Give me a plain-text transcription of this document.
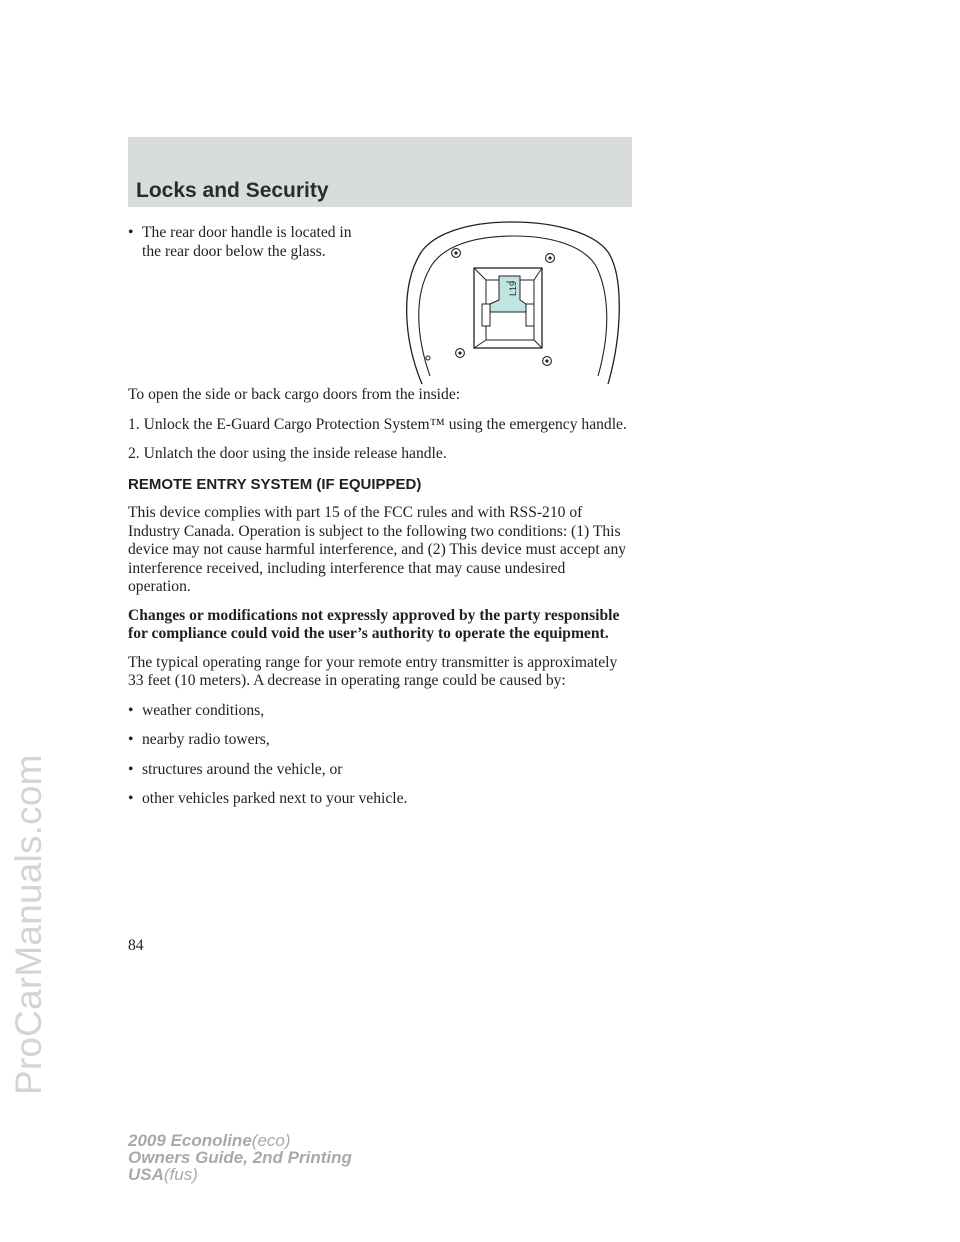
ProCarManuals.com
Locks and Security
L19

• The rear door handle is located in
the rear door below the glass.

To open the side or back cargo doors from the inside:

1. Unlock the E-Guard Cargo Protection System™ using the emergency handle.

2. Unlatch the door using the inside release handle.

REMOTE ENTRY SYSTEM (IF EQUIPPED)

This device complies with part 15 of the FCC rules and with RSS-210 of Industry Canada. Operation is subject to the following two conditions: (1) This device may not cause harmful interference, and (2) This device must accept any interference received, including interference that may cause undesired operation.

Changes or modifications not expressly approved by the party responsible for compliance could void the user’s authority to operate the equipment.

The typical operating range for your remote entry transmitter is approximately 33 feet (10 meters). A decrease in operating range could be caused by:

• weather conditions,

• nearby radio towers,

• structures around the vehicle, or

• other vehicles parked next to your vehicle.

84
2009 Econoline(eco)
Owners Guide, 2nd Printing
USA(fus)
carmanualsonline.info
